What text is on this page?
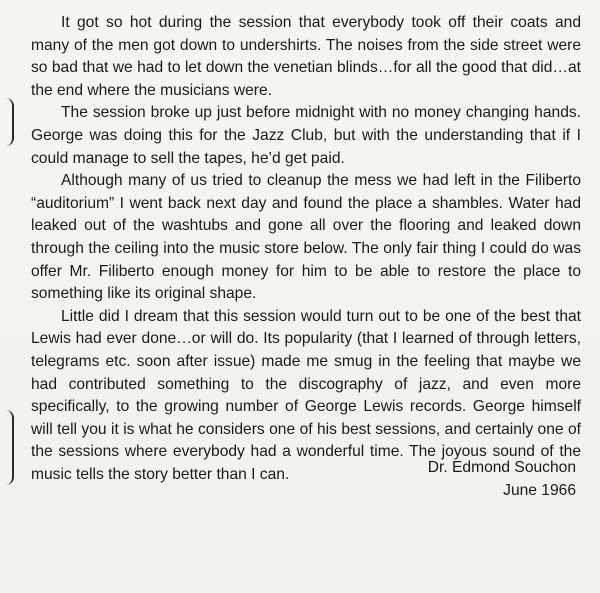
It got so hot during the session that everybody took off their coats and many of the men got down to undershirts. The noises from the side street were so bad that we had to let down the venetian blinds…for all the good that did…at the end where the musicians were.

The session broke up just before midnight with no money changing hands. George was doing this for the Jazz Club, but with the understanding that if I could manage to sell the tapes, he’d get paid.

Although many of us tried to cleanup the mess we had left in the Filiberto “auditorium” I went back next day and found the place a shambles. Water had leaked out of the washtubs and gone all over the flooring and leaked down through the ceiling into the music store below. The only fair thing I could do was offer Mr. Filiberto enough money for him to be able to restore the place to something like its original shape.

Little did I dream that this session would turn out to be one of the best that Lewis had ever done…or will do. Its popularity (that I learned of through letters, telegrams etc. soon after issue) made me smug in the feeling that maybe we had contributed something to the discography of jazz, and even more specifically, to the growing number of George Lewis records. George himself will tell you it is what he considers one of his best sessions, and certainly one of the sessions where everybody had a wonderful time. The joyous sound of the music tells the story better than I can.	Dr. Edmond Souchon
June 1966
